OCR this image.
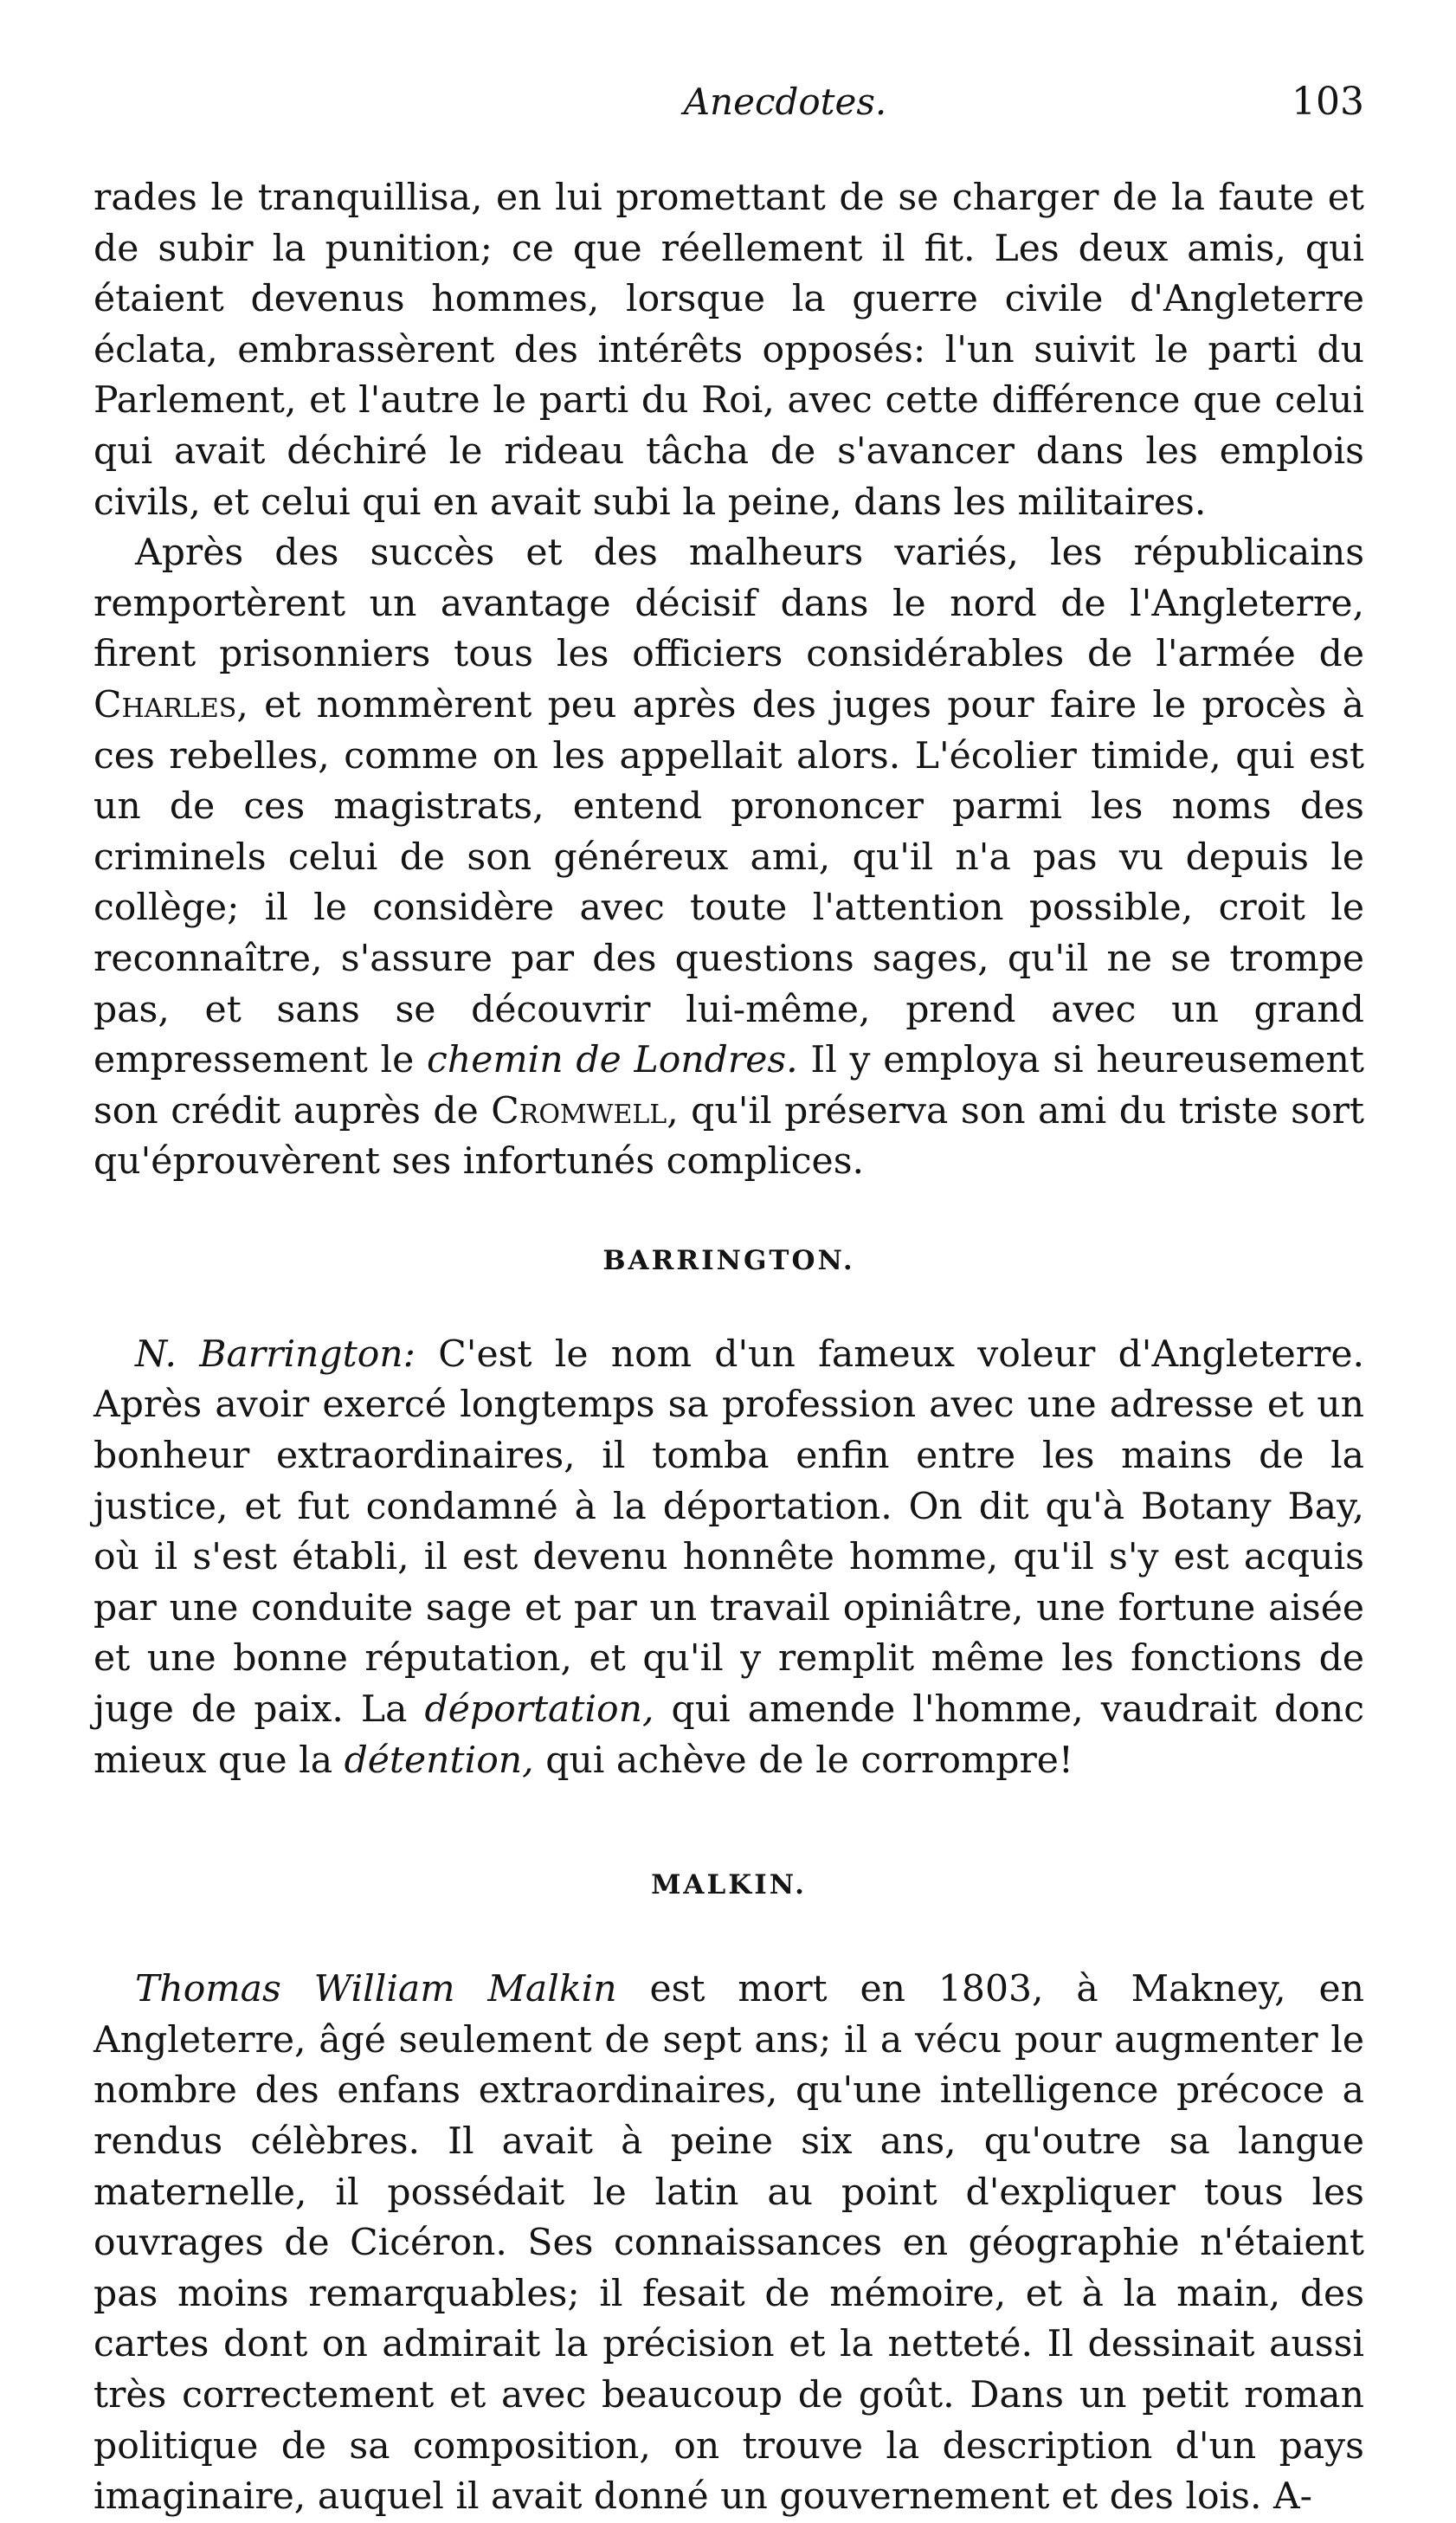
Anecdotes.	103

rades le tranquillisa, en lui promettant de se charger de la faute et de subir la punition; ce que réellement il fit. Les deux amis, qui étaient devenus hommes, lorsque la guerre civile d'Angleterre éclata, embrassèrent des intérêts opposés: l'un suivit le parti du Parlement, et l'autre le parti du Roi, avec cette différence que celui qui avait déchiré le rideau tâcha de s'avancer dans les emplois civils, et celui qui en avait subi la peine, dans les militaires.

Après des succès et des malheurs variés, les républicains remportèrent un avantage décisif dans le nord de l'Angleterre, firent prisonniers tous les officiers considérables de l'armée de Charles, et nommèrent peu après des juges pour faire le procès à ces rebelles, comme on les appellait alors. L'écolier timide, qui est un de ces magistrats, entend prononcer parmi les noms des criminels celui de son généreux ami, qu'il n'a pas vu depuis le collège; il le considère avec toute l'attention possible, croit le reconnaître, s'assure par des questions sages, qu'il ne se trompe pas, et sans se découvrir lui-même, prend avec un grand empressement le chemin de Londres. Il y employa si heureusement son crédit auprès de Cromwell, qu'il préserva son ami du triste sort qu'éprouvèrent ses infortunés complices.

BARRINGTON.

N. Barrington: C'est le nom d'un fameux voleur d'Angleterre. Après avoir exercé longtemps sa profession avec une adresse et un bonheur extraordinaires, il tomba enfin entre les mains de la justice, et fut condamné à la déportation. On dit qu'à Botany Bay, où il s'est établi, il est devenu honnête homme, qu'il s'y est acquis par une conduite sage et par un travail opiniâtre, une fortune aisée et une bonne réputation, et qu'il y remplit même les fonctions de juge de paix. La déportation, qui amende l'homme, vaudrait donc mieux que la détention, qui achève de le corrompre!

MALKIN.

Thomas William Malkin est mort en 1803, à Makney, en Angleterre, âgé seulement de sept ans; il a vécu pour augmenter le nombre des enfans extraordinaires, qu'une intelligence précoce a rendus célèbres. Il avait à peine six ans, qu'outre sa langue maternelle, il possédait le latin au point d'expliquer tous les ouvrages de Cicéron. Ses connaissances en géographie n'étaient pas moins remarquables; il fesait de mémoire, et à la main, des cartes dont on admirait la précision et la netteté. Il dessinait aussi très correctement et avec beaucoup de goût. Dans un petit roman politique de sa composition, on trouve la description d'un pays imaginaire, auquel il avait donné un gouvernement et des lois. A-
